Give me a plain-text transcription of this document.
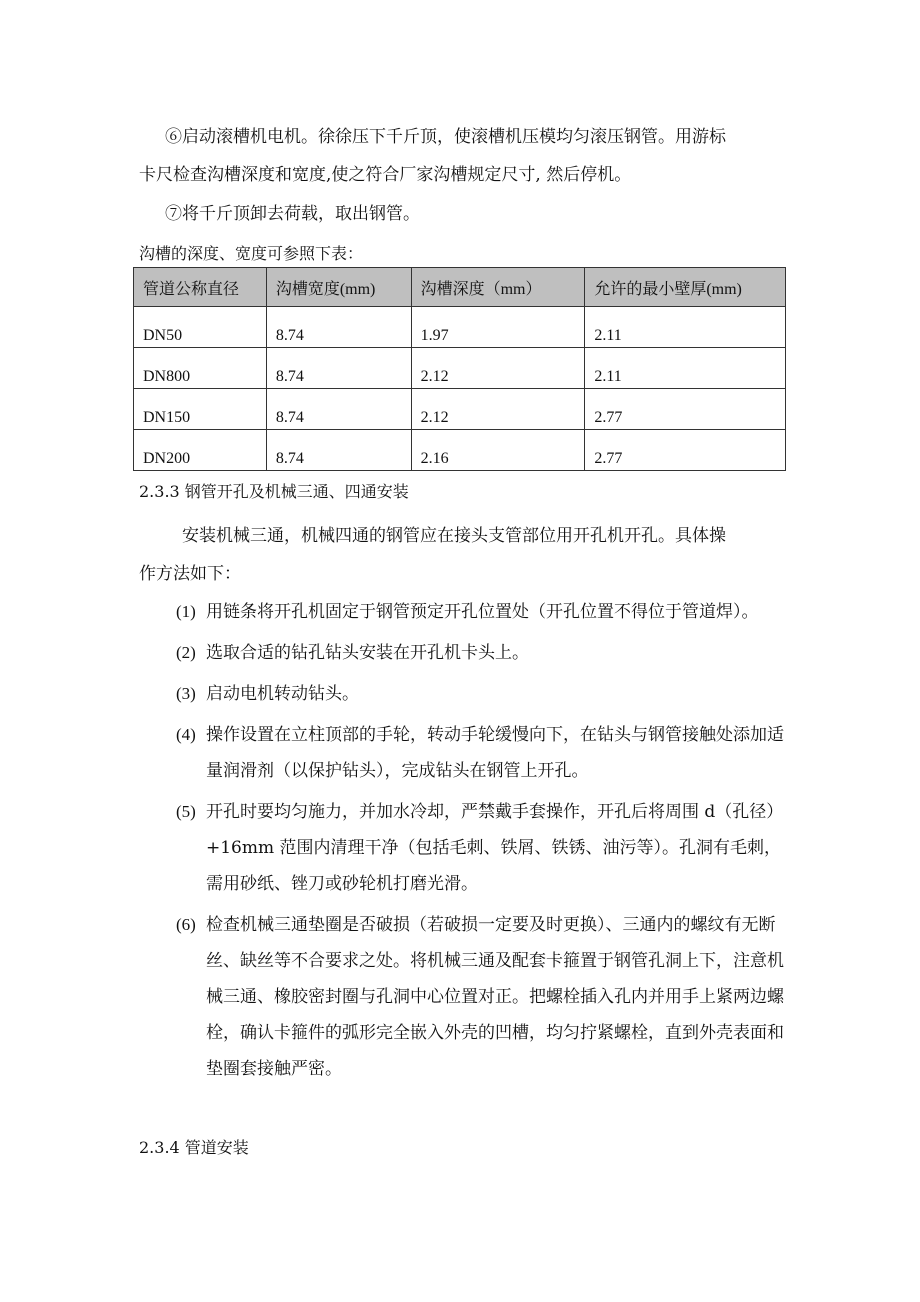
⑥启动滚槽机电机。徐徐压下千斤顶，使滚槽机压模均匀滚压钢管。用游标
卡尺检查沟槽深度和宽度,使之符合厂家沟槽规定尺寸, 然后停机。
⑦将千斤顶卸去荷载，取出钢管。
沟槽的深度、宽度可参照下表：
管道公称直径	沟槽宽度(mm)	沟槽深度（mm）	允许的最小壁厚(mm)
DN50	8.74	1.97	2.11
DN800	8.74	2.12	2.11
DN150	8.74	2.12	2.77
DN200	8.74	2.16	2.77
2.3.3 钢管开孔及机械三通、四通安装
安装机械三通，机械四通的钢管应在接头支管部位用开孔机开孔。具体操
作方法如下：
(1) 用链条将开孔机固定于钢管预定开孔位置处（开孔位置不得位于管道焊）。
(2) 选取合适的钻孔钻头安装在开孔机卡头上。
(3) 启动电机转动钻头。
(4) 操作设置在立柱顶部的手轮，转动手轮缓慢向下，在钻头与钢管接触处添加适量润滑剂（以保护钻头），完成钻头在钢管上开孔。
(5) 开孔时要均匀施力，并加水冷却，严禁戴手套操作，开孔后将周围 d（孔径）+16mm 范围内清理干净（包括毛刺、铁屑、铁锈、油污等）。孔洞有毛刺，需用砂纸、锉刀或砂轮机打磨光滑。
(6) 检查机械三通垫圈是否破损（若破损一定要及时更换）、三通内的螺纹有无断丝、缺丝等不合要求之处。将机械三通及配套卡箍置于钢管孔洞上下，注意机械三通、橡胶密封圈与孔洞中心位置对正。把螺栓插入孔内并用手上紧两边螺栓，确认卡箍件的弧形完全嵌入外壳的凹槽，均匀拧紧螺栓，直到外壳表面和垫圈套接触严密。
2.3.4 管道安装
